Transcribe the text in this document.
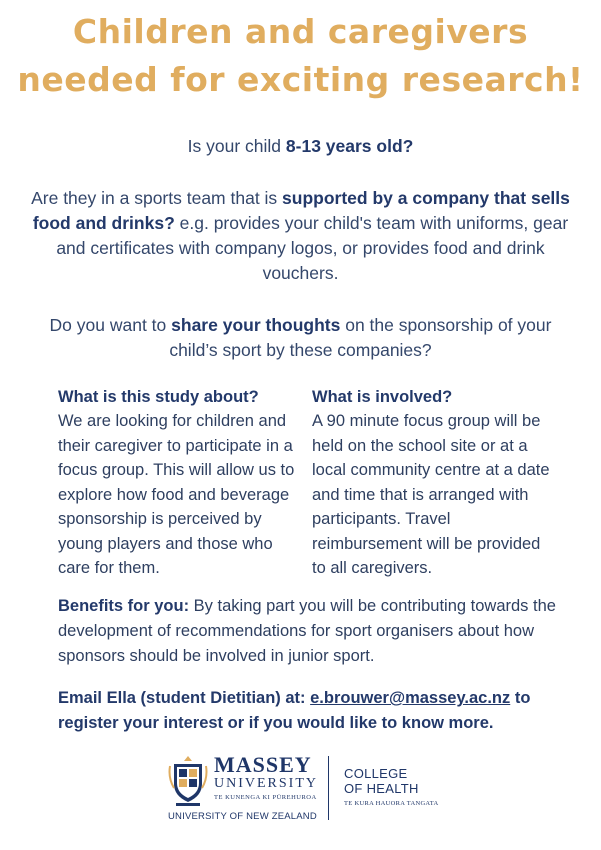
Children and caregivers
needed for exciting research!
Is your child 8-13 years old?
Are they in a sports team that is supported by a company that sells food and drinks? e.g. provides your child's team with uniforms, gear and certificates with company logos, or provides food and drink vouchers.
Do you want to share your thoughts on the sponsorship of your child’s sport by these companies?
What is this study about?
We are looking for children and their caregiver to participate in a focus group. This will allow us to explore how food and beverage sponsorship is perceived by young players and those who care for them.
What is involved?
A 90 minute focus group will be held on the school site or at a local community centre at a date and time that is arranged with participants. Travel reimbursement will be provided to all caregivers.
Benefits for you: By taking part you will be contributing towards the development of recommendations for sport organisers about how sponsors should be involved in junior sport.
Email Ella (student Dietitian) at: e.brouwer@massey.ac.nz to register your interest or if you would like to know more.
MASSEY
UNIVERSITY
TE KUNENGA KI PŪREHUROA
UNIVERSITY OF NEW ZEALAND
COLLEGE
OF HEALTH
TE KURA HAUORA TANGATA
